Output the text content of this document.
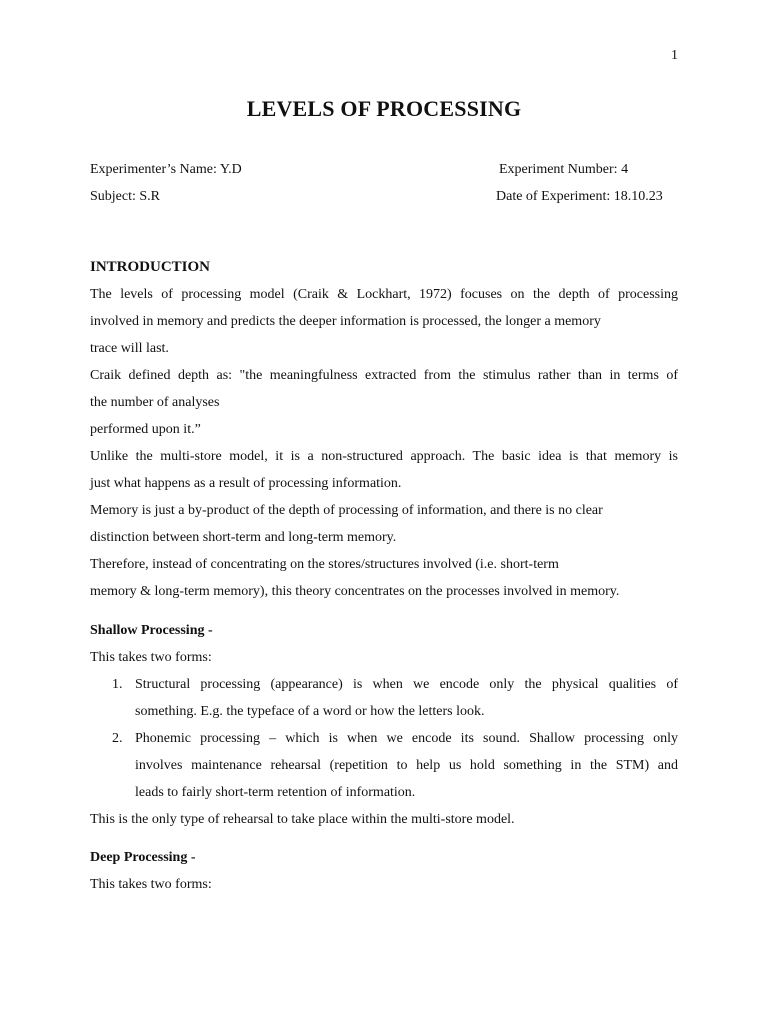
1
LEVELS OF PROCESSING
Experimenter’s Name: Y.D	Experiment Number: 4
Subject: S.R	Date of Experiment: 18.10.23
INTRODUCTION
The levels of processing model (Craik & Lockhart, 1972) focuses on the depth of processing
involved in memory and predicts the deeper information is processed, the longer a memory
trace will last.
Craik defined depth as: "the meaningfulness extracted from the stimulus rather than in terms of
the number of analyses
performed upon it.”
Unlike the multi-store model, it is a non-structured approach. The basic idea is that memory is
just what happens as a result of processing information.
Memory is just a by-product of the depth of processing of information, and there is no clear
distinction between short-term and long-term memory.
Therefore, instead of concentrating on the stores/structures involved (i.e. short-term
memory & long-term memory), this theory concentrates on the processes involved in memory.
Shallow Processing -
This takes two forms:
1. Structural processing (appearance) is when we encode only the physical qualities of
something. E.g. the typeface of a word or how the letters look.
2. Phonemic processing – which is when we encode its sound. Shallow processing only
involves maintenance rehearsal (repetition to help us hold something in the STM) and
leads to fairly short-term retention of information.
This is the only type of rehearsal to take place within the multi-store model.
Deep Processing -
This takes two forms:
